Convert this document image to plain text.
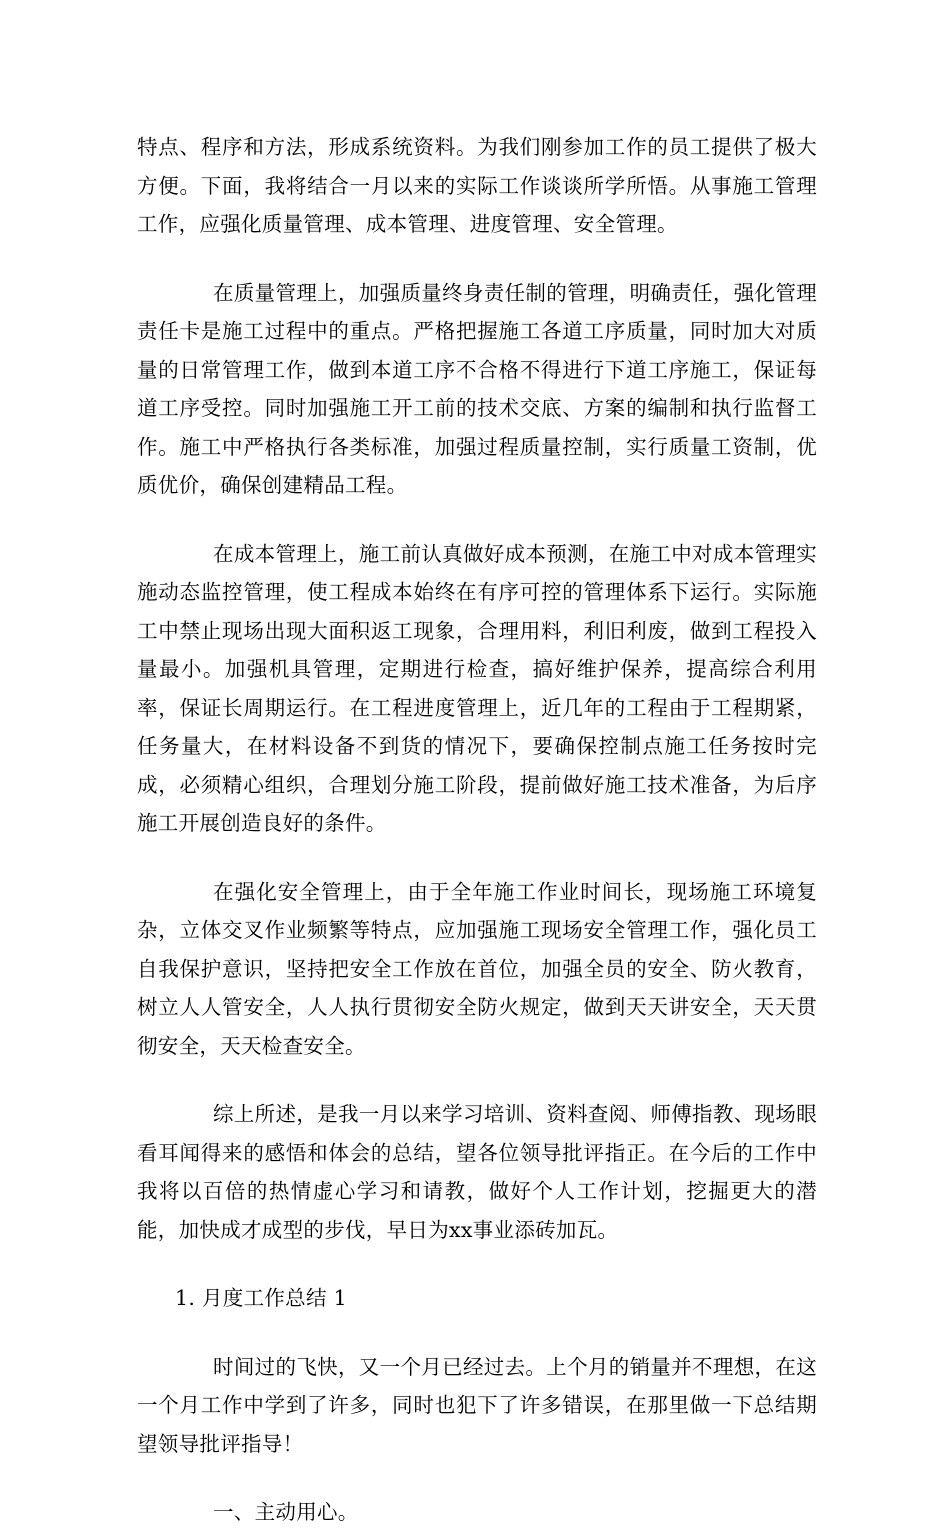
特点、程序和方法，形成系统资料。为我们刚参加工作的员工提供了极大方便。下面，我将结合一月以来的实际工作谈谈所学所悟。从事施工管理工作，应强化质量管理、成本管理、进度管理、安全管理。

在质量管理上，加强质量终身责任制的管理，明确责任，强化管理责任卡是施工过程中的重点。严格把握施工各道工序质量，同时加大对质量的日常管理工作，做到本道工序不合格不得进行下道工序施工，保证每道工序受控。同时加强施工开工前的技术交底、方案的编制和执行监督工作。施工中严格执行各类标准，加强过程质量控制，实行质量工资制，优质优价，确保创建精品工程。

在成本管理上，施工前认真做好成本预测，在施工中对成本管理实施动态监控管理，使工程成本始终在有序可控的管理体系下运行。实际施工中禁止现场出现大面积返工现象，合理用料，利旧利废，做到工程投入量最小。加强机具管理，定期进行检查，搞好维护保养，提高综合利用率，保证长周期运行。在工程进度管理上，近几年的工程由于工程期紧，任务量大，在材料设备不到货的情况下，要确保控制点施工任务按时完成，必须精心组织，合理划分施工阶段，提前做好施工技术准备，为后序施工开展创造良好的条件。

在强化安全管理上，由于全年施工作业时间长，现场施工环境复杂，立体交叉作业频繁等特点，应加强施工现场安全管理工作，强化员工自我保护意识，坚持把安全工作放在首位，加强全员的安全、防火教育，树立人人管安全，人人执行贯彻安全防火规定，做到天天讲安全，天天贯彻安全，天天检查安全。

综上所述，是我一月以来学习培训、资料查阅、师傅指教、现场眼看耳闻得来的感悟和体会的总结，望各位领导批评指正。在今后的工作中我将以百倍的热情虚心学习和请教，做好个人工作计划，挖掘更大的潜能，加快成才成型的步伐，早日为xx事业添砖加瓦。

1. 月度工作总结 1

时间过的飞快，又一个月已经过去。上个月的销量并不理想，在这一个月工作中学到了许多，同时也犯下了许多错误，在那里做一下总结期望领导批评指导！

一、主动用心。
